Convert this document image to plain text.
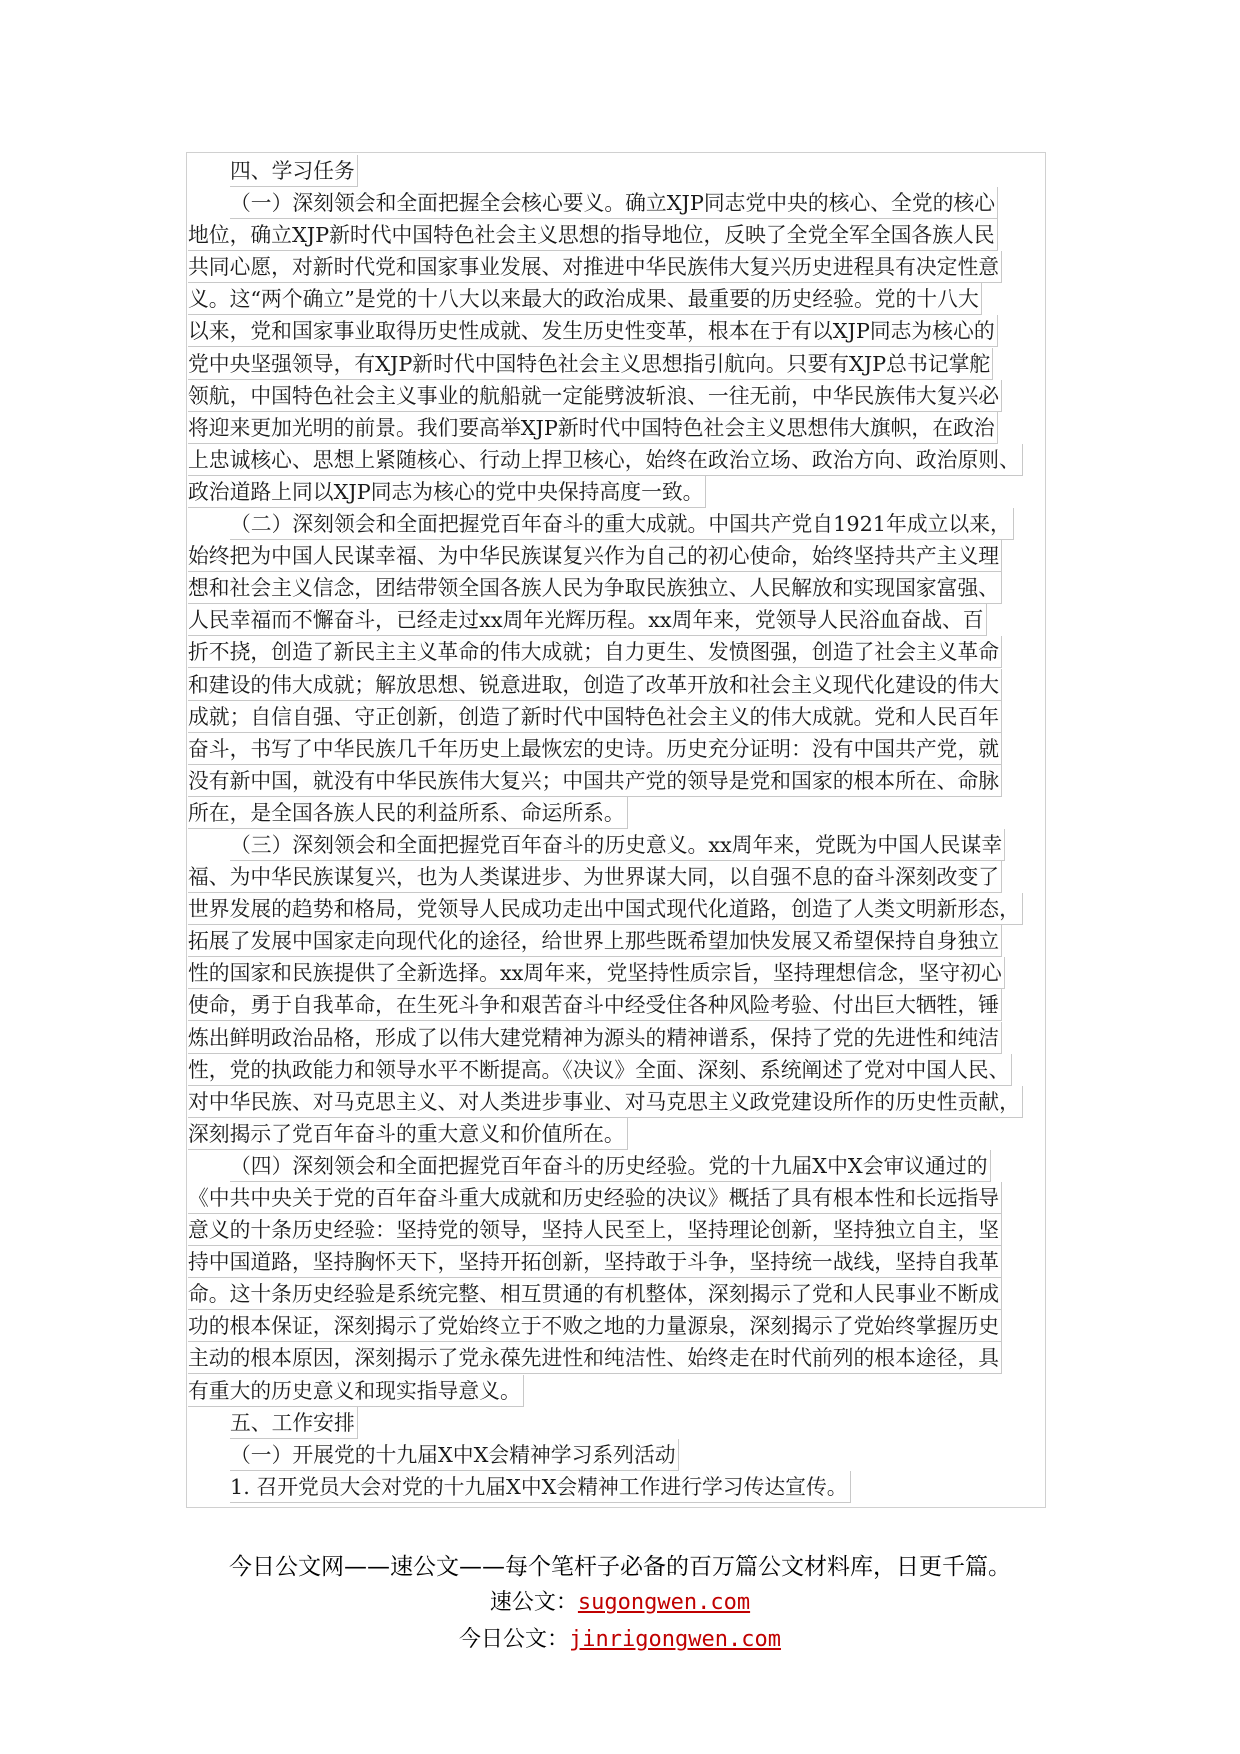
四、学习任务
（一）深刻领会和全面把握全会核心要义。确立XJP同志党中央的核心、全党的核心
地位，确立XJP新时代中国特色社会主义思想的指导地位，反映了全党全军全国各族人民
共同心愿，对新时代党和国家事业发展、对推进中华民族伟大复兴历史进程具有决定性意
义。这“两个确立”是党的十八大以来最大的政治成果、最重要的历史经验。党的十八大
以来，党和国家事业取得历史性成就、发生历史性变革，根本在于有以XJP同志为核心的
党中央坚强领导，有XJP新时代中国特色社会主义思想指引航向。只要有XJP总书记掌舵
领航，中国特色社会主义事业的航船就一定能劈波斩浪、一往无前，中华民族伟大复兴必
将迎来更加光明的前景。我们要高举XJP新时代中国特色社会主义思想伟大旗帜，在政治
上忠诚核心、思想上紧随核心、行动上捍卫核心，始终在政治立场、政治方向、政治原则、
政治道路上同以XJP同志为核心的党中央保持高度一致。
（二）深刻领会和全面把握党百年奋斗的重大成就。中国共产党自1921年成立以来，
始终把为中国人民谋幸福、为中华民族谋复兴作为自己的初心使命，始终坚持共产主义理
想和社会主义信念，团结带领全国各族人民为争取民族独立、人民解放和实现国家富强、
人民幸福而不懈奋斗，已经走过xx周年光辉历程。xx周年来，党领导人民浴血奋战、百
折不挠，创造了新民主主义革命的伟大成就；自力更生、发愤图强，创造了社会主义革命
和建设的伟大成就；解放思想、锐意进取，创造了改革开放和社会主义现代化建设的伟大
成就；自信自强、守正创新，创造了新时代中国特色社会主义的伟大成就。党和人民百年
奋斗，书写了中华民族几千年历史上最恢宏的史诗。历史充分证明：没有中国共产党，就
没有新中国，就没有中华民族伟大复兴；中国共产党的领导是党和国家的根本所在、命脉
所在，是全国各族人民的利益所系、命运所系。
（三）深刻领会和全面把握党百年奋斗的历史意义。xx周年来，党既为中国人民谋幸
福、为中华民族谋复兴，也为人类谋进步、为世界谋大同，以自强不息的奋斗深刻改变了
世界发展的趋势和格局，党领导人民成功走出中国式现代化道路，创造了人类文明新形态，
拓展了发展中国家走向现代化的途径，给世界上那些既希望加快发展又希望保持自身独立
性的国家和民族提供了全新选择。xx周年来，党坚持性质宗旨，坚持理想信念，坚守初心
使命，勇于自我革命，在生死斗争和艰苦奋斗中经受住各种风险考验、付出巨大牺牲，锤
炼出鲜明政治品格，形成了以伟大建党精神为源头的精神谱系，保持了党的先进性和纯洁
性，党的执政能力和领导水平不断提高。《决议》全面、深刻、系统阐述了党对中国人民、
对中华民族、对马克思主义、对人类进步事业、对马克思主义政党建设所作的历史性贡献，
深刻揭示了党百年奋斗的重大意义和价值所在。
（四）深刻领会和全面把握党百年奋斗的历史经验。党的十九届X中X会审议通过的
《中共中央关于党的百年奋斗重大成就和历史经验的决议》概括了具有根本性和长远指导
意义的十条历史经验：坚持党的领导，坚持人民至上，坚持理论创新，坚持独立自主，坚
持中国道路，坚持胸怀天下，坚持开拓创新，坚持敢于斗争，坚持统一战线，坚持自我革
命。这十条历史经验是系统完整、相互贯通的有机整体，深刻揭示了党和人民事业不断成
功的根本保证，深刻揭示了党始终立于不败之地的力量源泉，深刻揭示了党始终掌握历史
主动的根本原因，深刻揭示了党永葆先进性和纯洁性、始终走在时代前列的根本途径，具
有重大的历史意义和现实指导意义。
五、工作安排
（一）开展党的十九届X中X会精神学习系列活动
1. 召开党员大会对党的十九届X中X会精神工作进行学习传达宣传。
今日公文网——速公文——每个笔杆子必备的百万篇公文材料库，日更千篇。
速公文：sugongwen.com
今日公文：jinrigongwen.com
